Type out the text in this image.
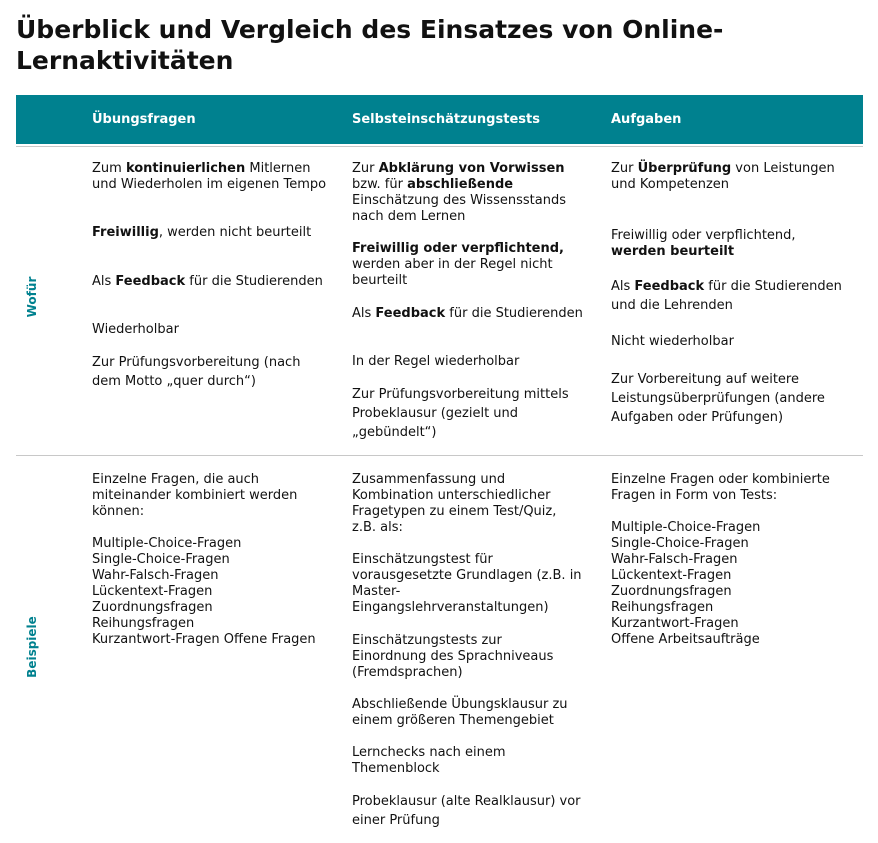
Überblick und Vergleich des Einsatzes von Online-Lernaktivitäten
Übungsfragen	Selbsteinschätzungstests	Aufgaben
Wofür
Beispiele

Zum kontinuierlichen Mitlernen
und Wiederholen im eigenen Tempo

Freiwillig, werden nicht beurteilt

Als Feedback für die Studierenden

Wiederholbar

Zur Prüfungsvorbereitung (nach
dem Motto „quer durch“)

Zur Abklärung von Vorwissen
bzw. für abschließende
Einschätzung des Wissensstands
nach dem Lernen

Freiwillig oder verpflichtend,
werden aber in der Regel nicht
beurteilt

Als Feedback für die Studierenden

In der Regel wiederholbar

Zur Prüfungsvorbereitung mittels
Probeklausur (gezielt und
„gebündelt“)

Zur Überprüfung von Leistungen
und Kompetenzen

Freiwillig oder verpflichtend,
werden beurteilt

Als Feedback für die Studierenden
und die Lehrenden

Nicht wiederholbar

Zur Vorbereitung auf weitere
Leistungsüberprüfungen (andere
Aufgaben oder Prüfungen)

Einzelne Fragen, die auch
miteinander kombiniert werden
können:

Multiple-Choice-Fragen
Single-Choice-Fragen
Wahr-Falsch-Fragen
Lückentext-Fragen
Zuordnungsfragen
Reihungsfragen
Kurzantwort-Fragen Offene Fragen

Zusammenfassung und
Kombination unterschiedlicher
Fragetypen zu einem Test/Quiz,
z.B. als:

Einschätzungstest für
vorausgesetzte Grundlagen (z.B. in
Master-
Eingangslehrveranstaltungen)

Einschätzungstests zur
Einordnung des Sprachniveaus
(Fremdsprachen)

Abschließende Übungsklausur zu
einem größeren Themengebiet

Lernchecks nach einem
Themenblock

Probeklausur (alte Realklausur) vor
einer Prüfung

Einzelne Fragen oder kombinierte
Fragen in Form von Tests:

Multiple-Choice-Fragen
Single-Choice-Fragen
Wahr-Falsch-Fragen
Lückentext-Fragen
Zuordnungsfragen
Reihungsfragen
Kurzantwort-Fragen
Offene Arbeitsaufträge
